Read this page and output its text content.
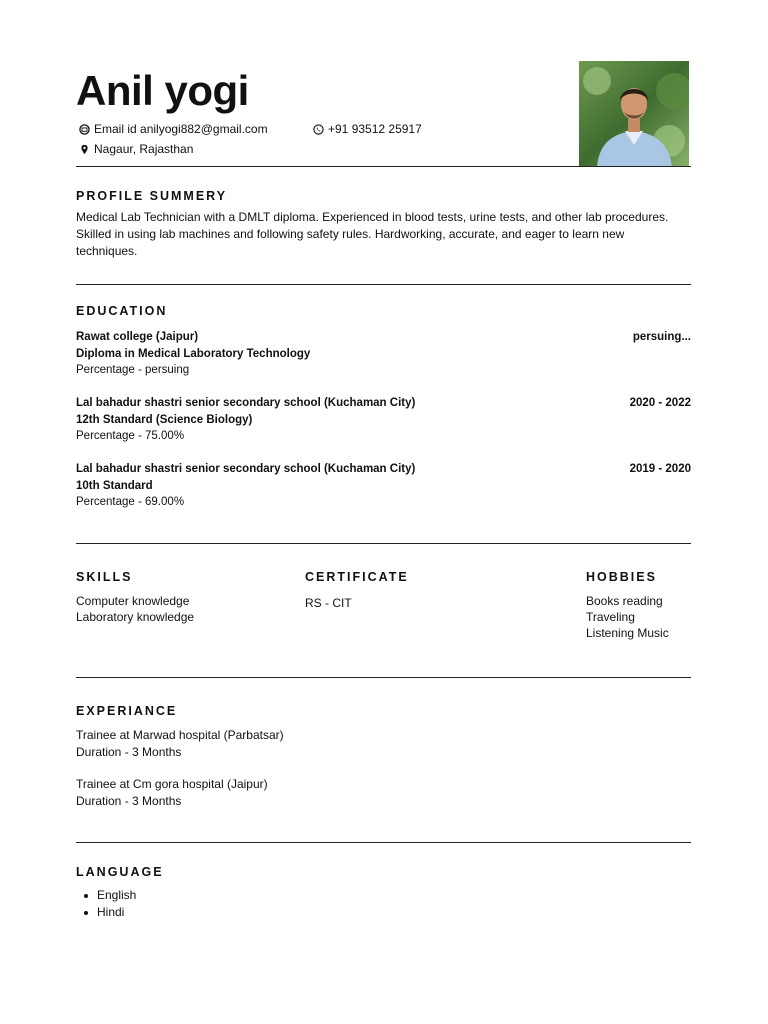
Anil yogi
Email id anilyogi882@gmail.com	+91 93512 25917
Nagaur, Rajasthan
PROFILE SUMMERY
Medical Lab Technician with a DMLT diploma. Experienced in blood tests, urine tests, and other lab procedures. Skilled in using lab machines and following safety rules. Hardworking, accurate, and eager to learn new techniques.
EDUCATION
Rawat college (Jaipur)	persuing...
Diploma in Medical Laboratory Technology
Percentage - persuing
Lal bahadur shastri senior secondary school (Kuchaman City)	2020 - 2022
12th Standard (Science Biology)
Percentage - 75.00%
Lal bahadur shastri senior secondary school (Kuchaman City)	2019 - 2020
10th Standard
Percentage - 69.00%
SKILLS
Computer knowledge
Laboratory knowledge
CERTIFICATE
RS - CIT
HOBBIES
Books reading
Traveling
Listening Music
EXPERIANCE
Trainee at Marwad hospital (Parbatsar)
Duration - 3 Months
Trainee at Cm gora hospital (Jaipur)
Duration - 3 Months
LANGUAGE
English
Hindi
